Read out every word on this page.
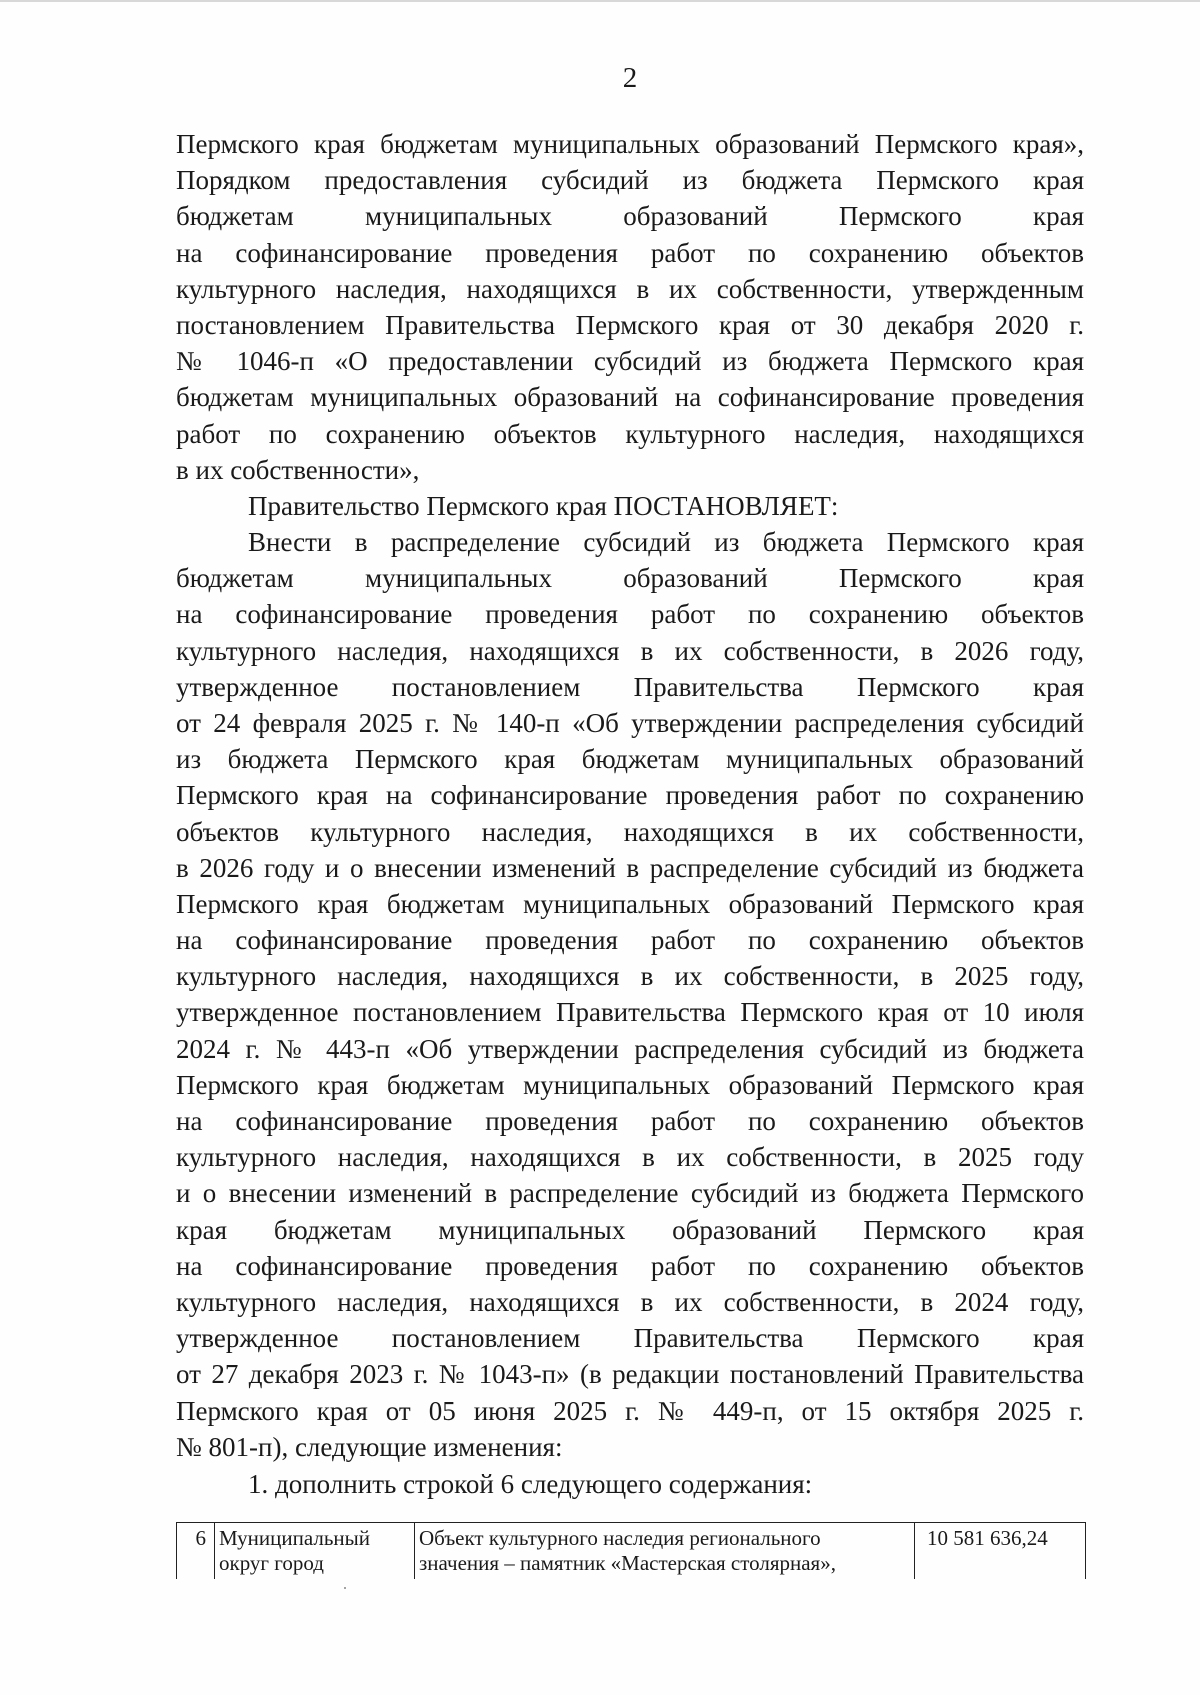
2
Пермского края бюджетам муниципальных образований Пермского края»,
Порядком предоставления субсидий из бюджета Пермского края
бюджетам муниципальных образований Пермского края
на софинансирование проведения работ по сохранению объектов
культурного наследия, находящихся в их собственности, утвержденным
постановлением Правительства Пермского края от 30 декабря 2020 г.
№ 1046-п «О предоставлении субсидий из бюджета Пермского края
бюджетам муниципальных образований на софинансирование проведения
работ по сохранению объектов культурного наследия, находящихся
в их собственности»,
Правительство Пермского края ПОСТАНОВЛЯЕТ:
Внести в распределение субсидий из бюджета Пермского края
бюджетам муниципальных образований Пермского края
на софинансирование проведения работ по сохранению объектов
культурного наследия, находящихся в их собственности, в 2026 году,
утвержденное постановлением Правительства Пермского края
от 24 февраля 2025 г. № 140-п «Об утверждении распределения субсидий
из бюджета Пермского края бюджетам муниципальных образований
Пермского края на софинансирование проведения работ по сохранению
объектов культурного наследия, находящихся в их собственности,
в 2026 году и о внесении изменений в распределение субсидий из бюджета
Пермского края бюджетам муниципальных образований Пермского края
на софинансирование проведения работ по сохранению объектов
культурного наследия, находящихся в их собственности, в 2025 году,
утвержденное постановлением Правительства Пермского края от 10 июля
2024 г. № 443-п «Об утверждении распределения субсидий из бюджета
Пермского края бюджетам муниципальных образований Пермского края
на софинансирование проведения работ по сохранению объектов
культурного наследия, находящихся в их собственности, в 2025 году
и о внесении изменений в распределение субсидий из бюджета Пермского
края бюджетам муниципальных образований Пермского края
на софинансирование проведения работ по сохранению объектов
культурного наследия, находящихся в их собственности, в 2024 году,
утвержденное постановлением Правительства Пермского края
от 27 декабря 2023 г. № 1043-п» (в редакции постановлений Правительства
Пермского края от 05 июня 2025 г. № 449-п, от 15 октября 2025 г.
№ 801-п), следующие изменения:
1. дополнить строкой 6 следующего содержания:
6 Муниципальный
округ город
Объект культурного наследия регионального
значения – памятник «Мастерская столярная»,
10 581 636,24
